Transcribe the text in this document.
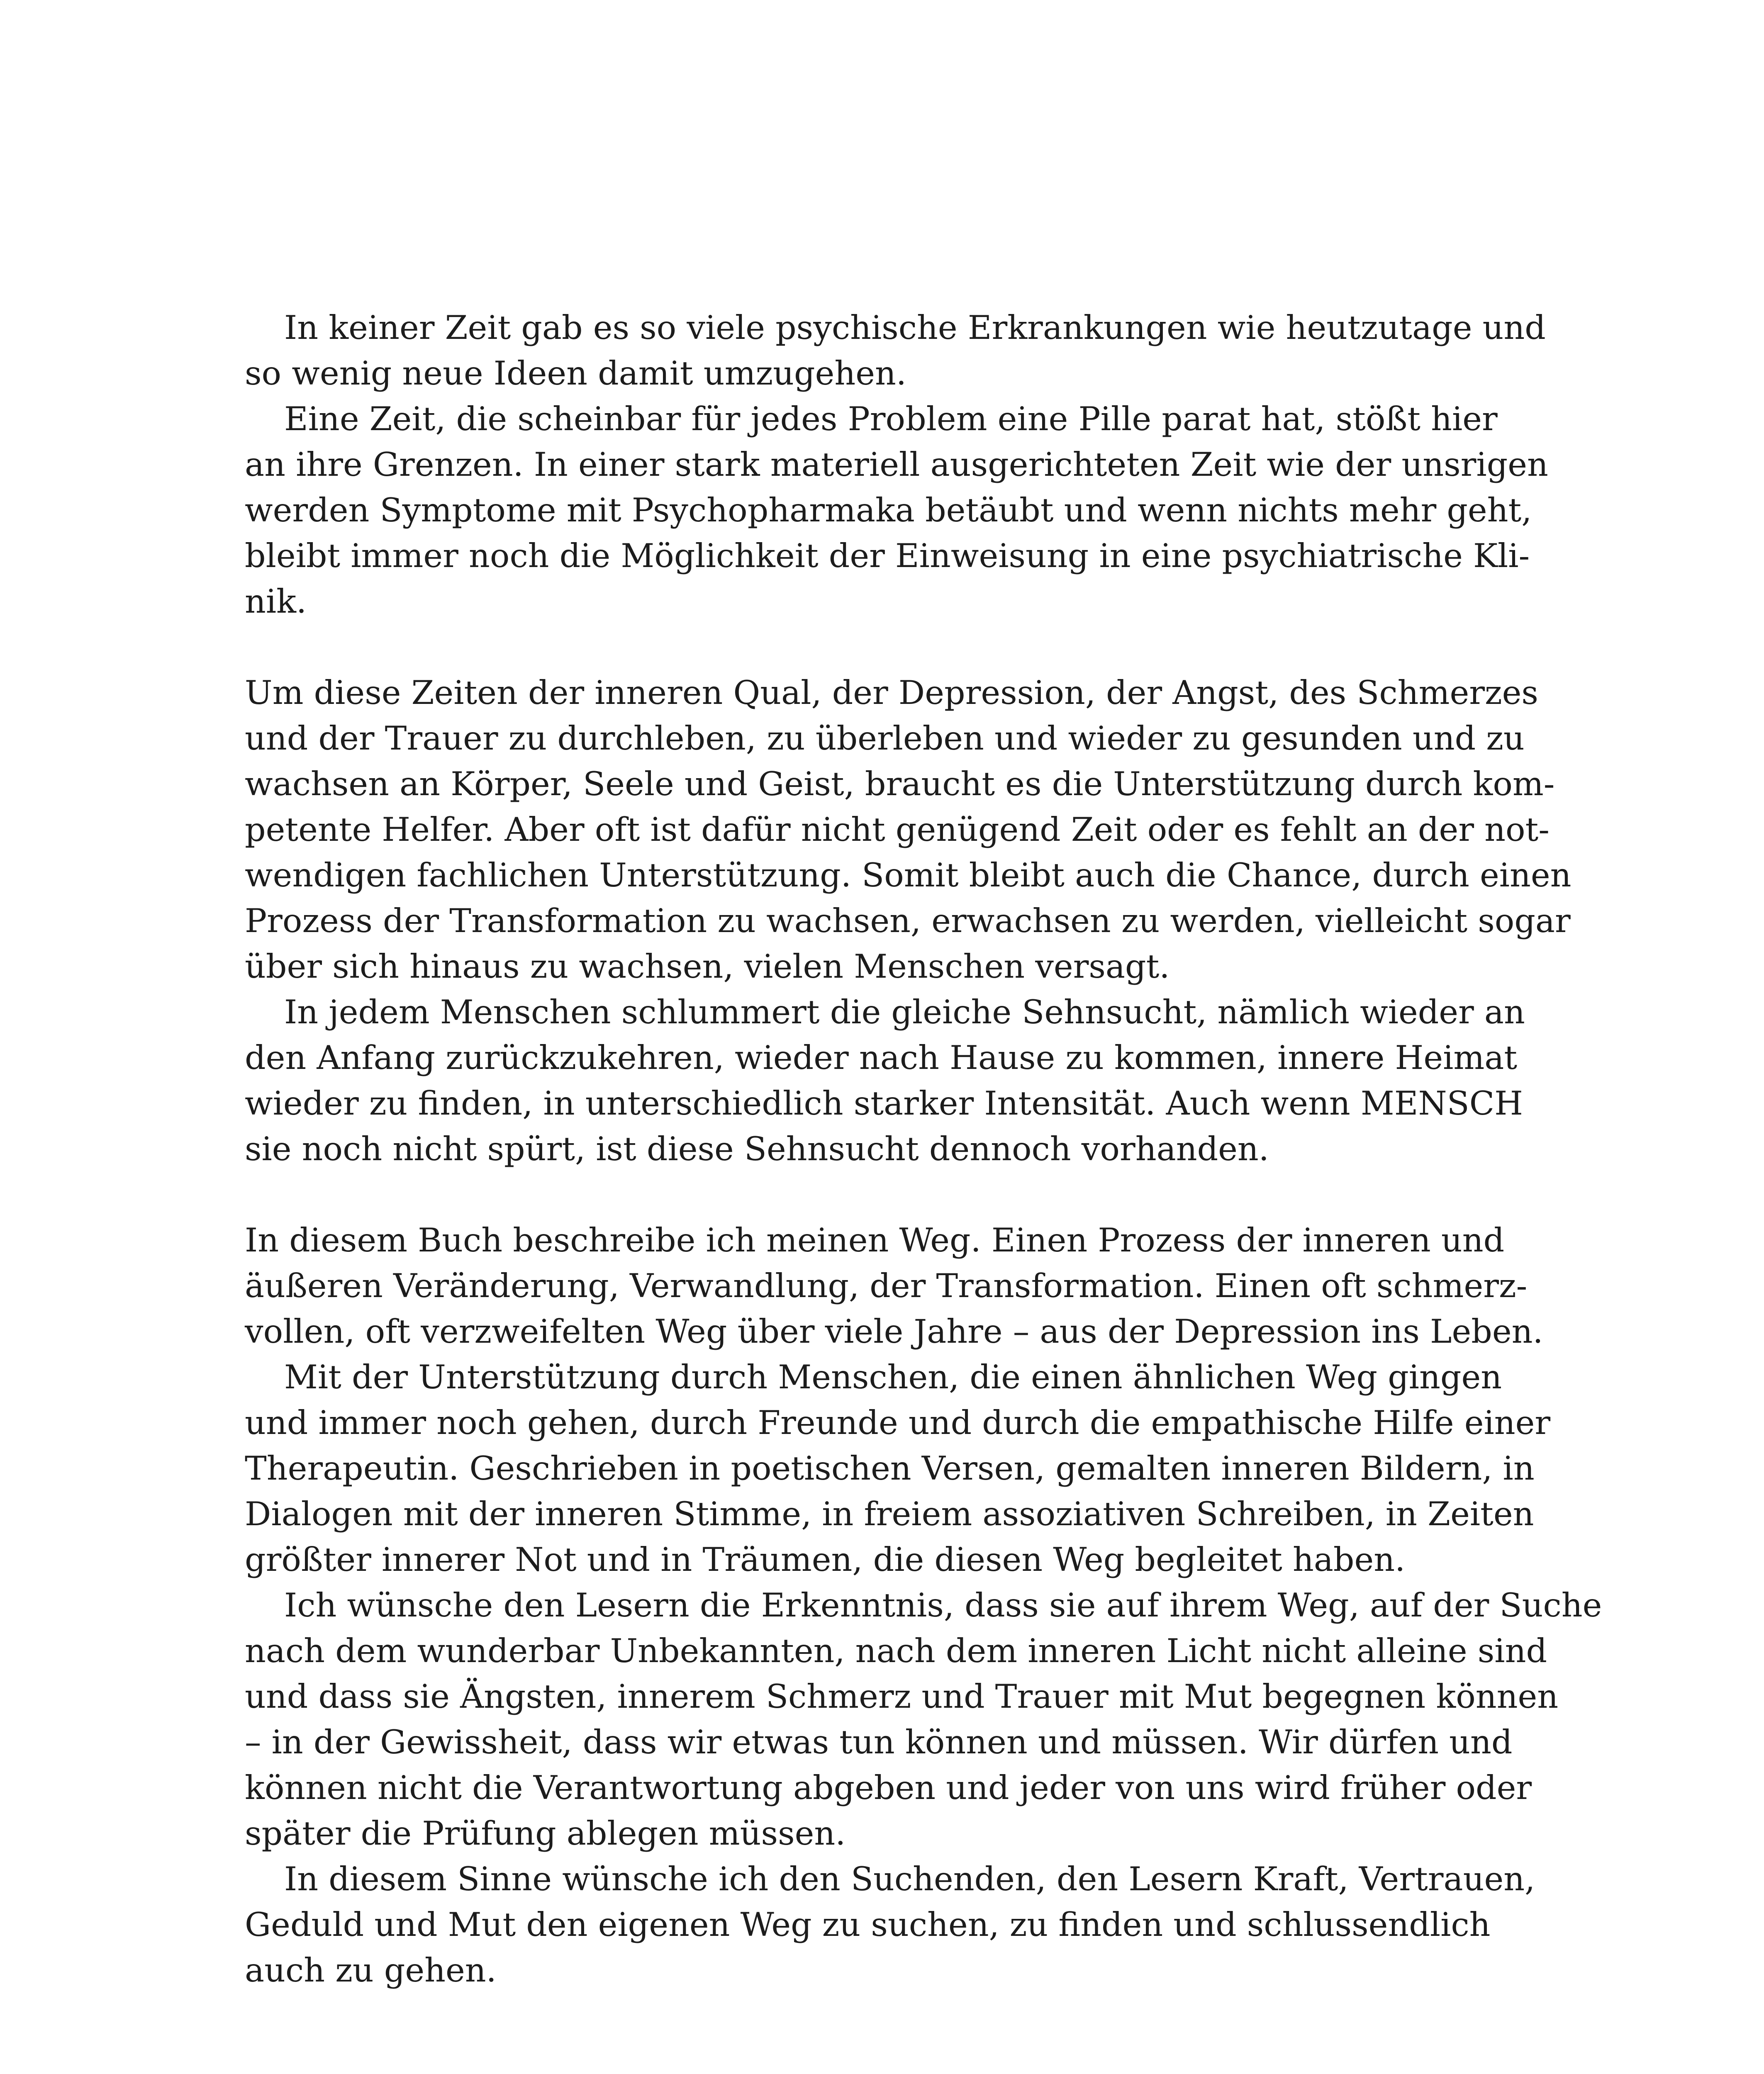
In keiner Zeit gab es so viele psychische Erkrankungen wie heutzutage und
so wenig neue Ideen damit umzugehen.
Eine Zeit, die scheinbar für jedes Problem eine Pille parat hat, stößt hier
an ihre Grenzen. In einer stark materiell ausgerichteten Zeit wie der unsrigen
werden Symptome mit Psychopharmaka betäubt und wenn nichts mehr geht,
bleibt immer noch die Möglichkeit der Einweisung in eine psychiatrische Kli-
nik.
Um diese Zeiten der inneren Qual, der Depression, der Angst, des Schmerzes
und der Trauer zu durchleben, zu überleben und wieder zu gesunden und zu
wachsen an Körper, Seele und Geist, braucht es die Unterstützung durch kom-
petente Helfer. Aber oft ist dafür nicht genügend Zeit oder es fehlt an der not-
wendigen fachlichen Unterstützung. Somit bleibt auch die Chance, durch einen
Prozess der Transformation zu wachsen, erwachsen zu werden, vielleicht sogar
über sich hinaus zu wachsen, vielen Menschen versagt.
In jedem Menschen schlummert die gleiche Sehnsucht, nämlich wieder an
den Anfang zurückzukehren, wieder nach Hause zu kommen, innere Heimat
wieder zu finden, in unterschiedlich starker Intensität. Auch wenn MENSCH
sie noch nicht spürt, ist diese Sehnsucht dennoch vorhanden.
In diesem Buch beschreibe ich meinen Weg. Einen Prozess der inneren und
äußeren Veränderung, Verwandlung, der Transformation. Einen oft schmerz-
vollen, oft verzweifelten Weg über viele Jahre – aus der Depression ins Leben.
Mit der Unterstützung durch Menschen, die einen ähnlichen Weg gingen
und immer noch gehen, durch Freunde und durch die empathische Hilfe einer
Therapeutin. Geschrieben in poetischen Versen, gemalten inneren Bildern, in
Dialogen mit der inneren Stimme, in freiem assoziativen Schreiben, in Zeiten
größter innerer Not und in Träumen, die diesen Weg begleitet haben.
Ich wünsche den Lesern die Erkenntnis, dass sie auf ihrem Weg, auf der Suche
nach dem wunderbar Unbekannten, nach dem inneren Licht nicht alleine sind
und dass sie Ängsten, innerem Schmerz und Trauer mit Mut begegnen können
– in der Gewissheit, dass wir etwas tun können und müssen. Wir dürfen und
können nicht die Verantwortung abgeben und jeder von uns wird früher oder
später die Prüfung ablegen müssen.
In diesem Sinne wünsche ich den Suchenden, den Lesern Kraft, Vertrauen,
Geduld und Mut den eigenen Weg zu suchen, zu finden und schlussendlich
auch zu gehen.
